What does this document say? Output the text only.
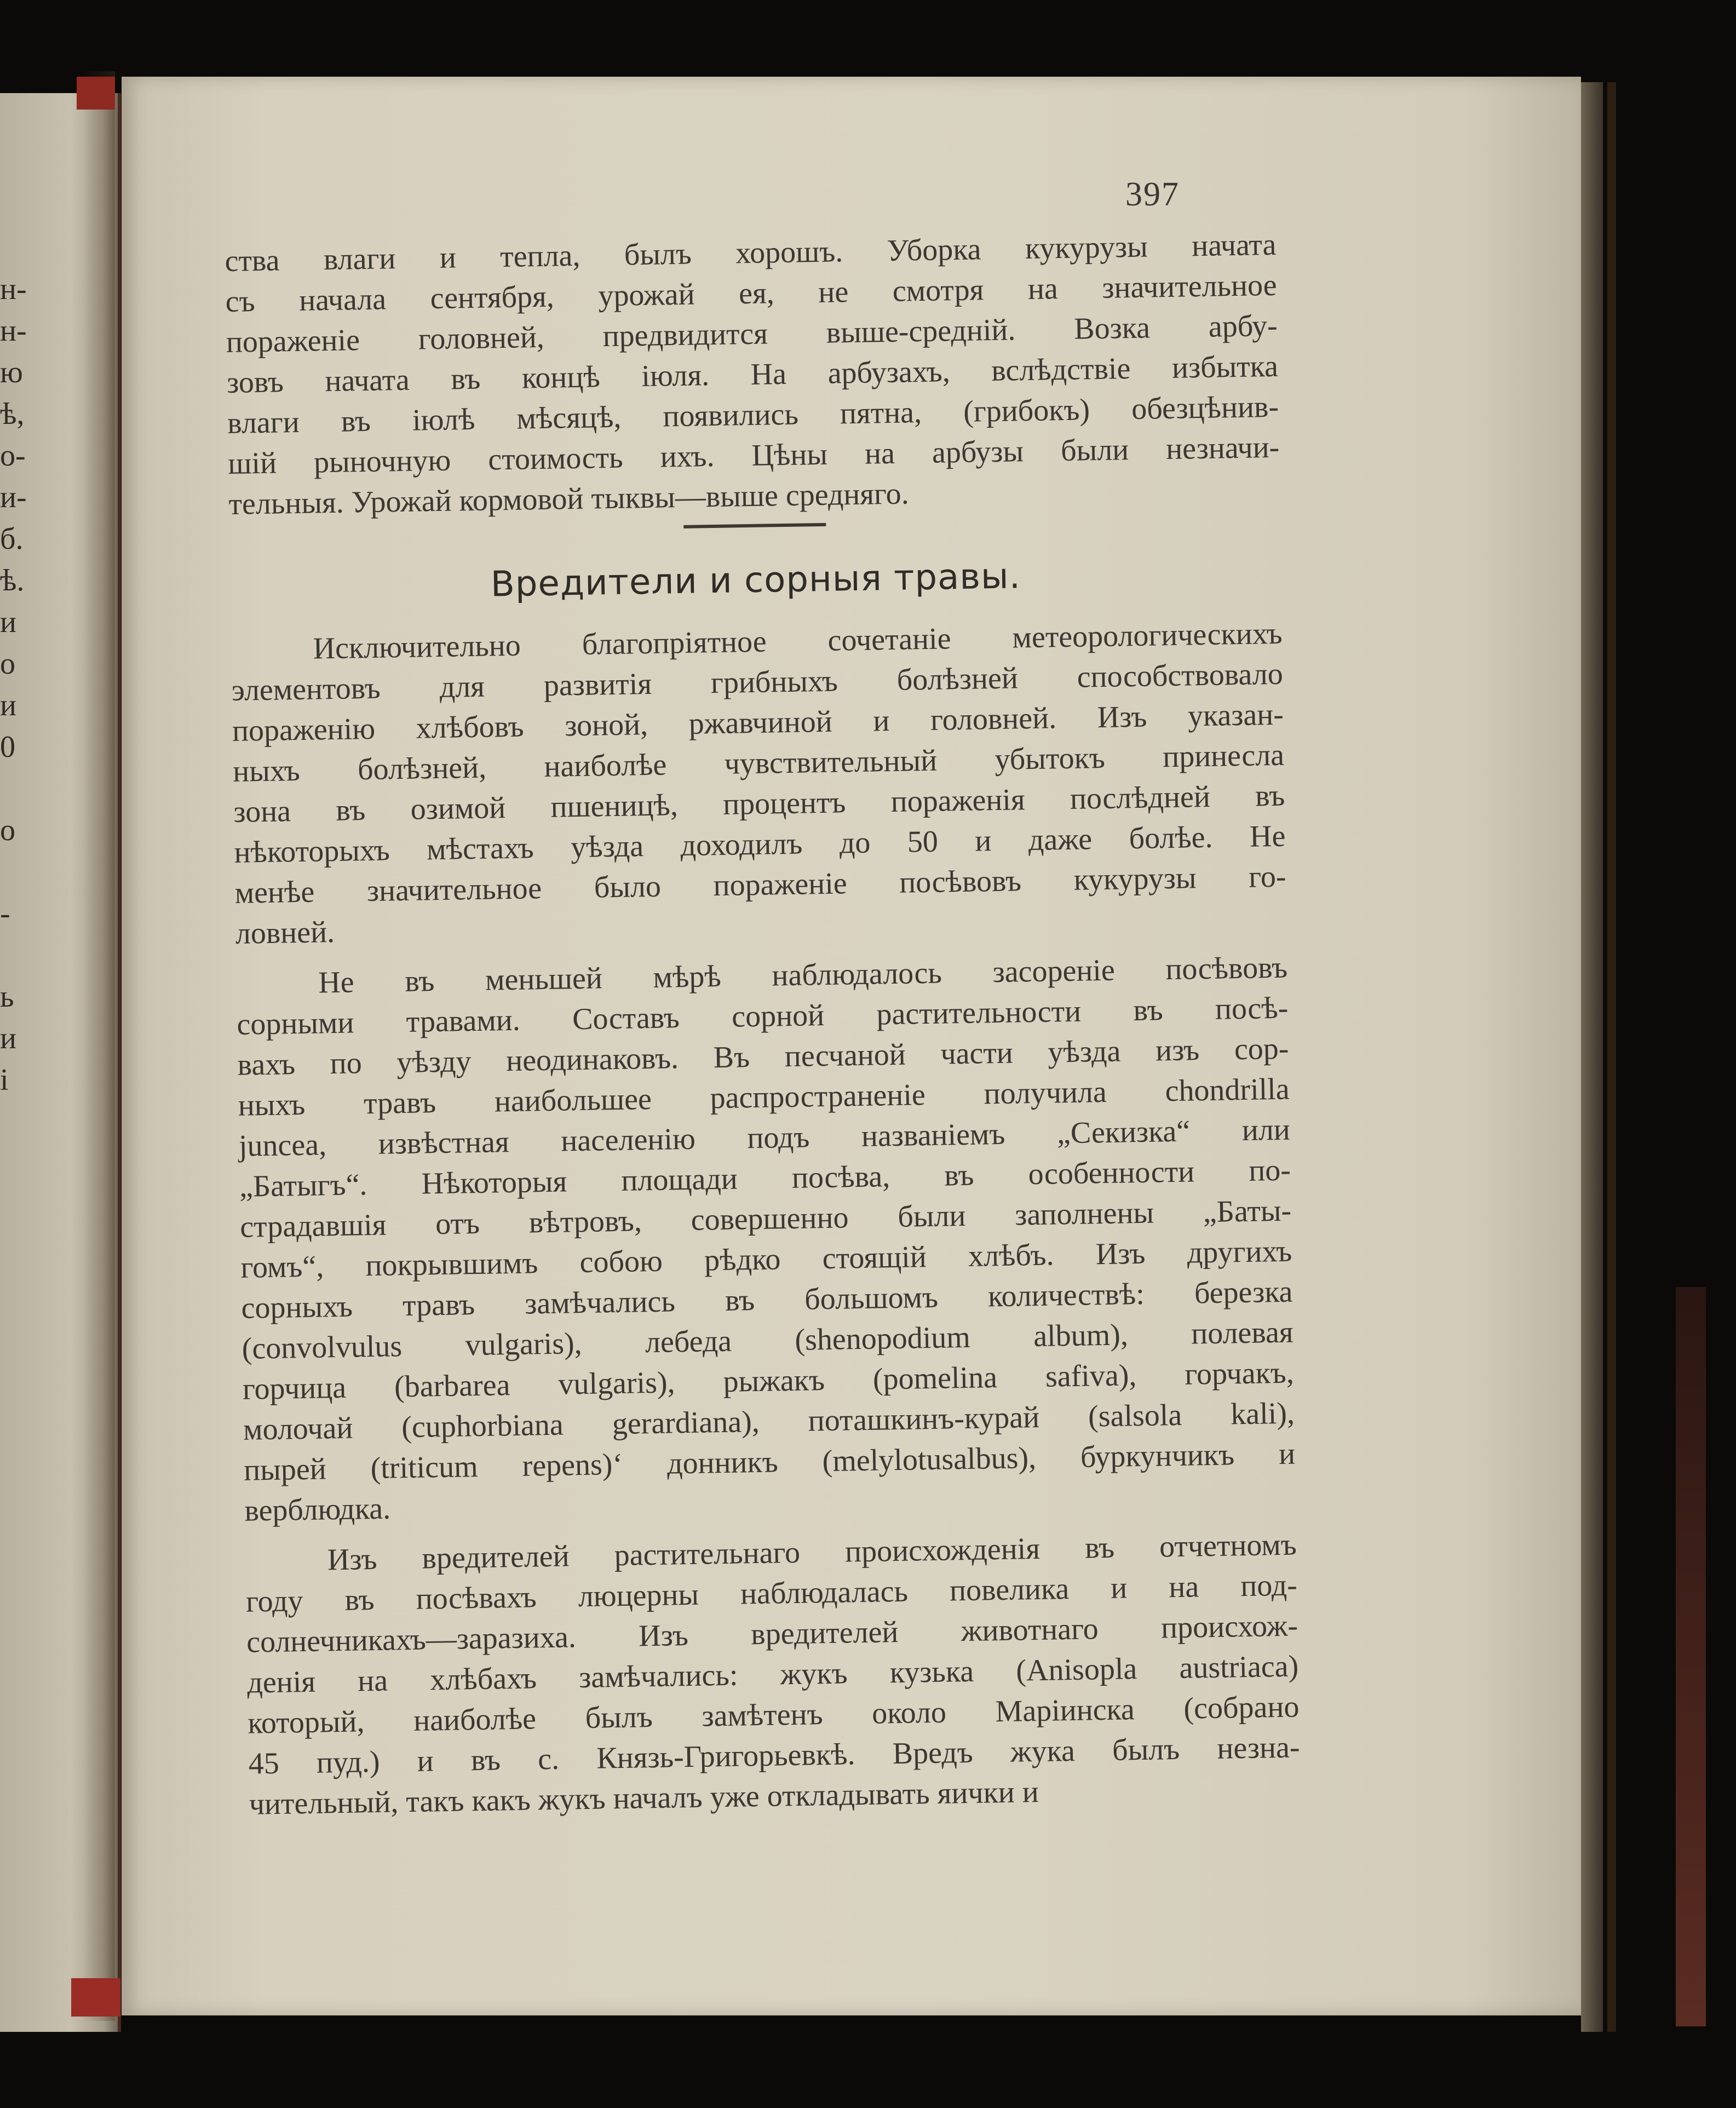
н-
н-
ю
ѣ,
о-
и-
б.
ѣ.
и
о
и
0
о
-
ь
и
і
397
ства влаги и тепла, былъ хорошъ. Уборка кукурузы начата
съ начала сентября, урожай ея, не смотря на значительное
пораженіе головней, предвидится выше-средній. Возка арбу-
зовъ начата въ концѣ іюля. На арбузахъ, вслѣдствіе избытка
влаги въ іюлѣ мѣсяцѣ, появились пятна, (грибокъ) обезцѣнив-
шій рыночную стоимость ихъ. Цѣны на арбузы были незначи-
тельныя. Урожай кормовой тыквы—выше средняго.
Вредители и сорныя травы.
Исключительно благопріятное сочетаніе метеорологическихъ
элементовъ для развитія грибныхъ болѣзней способствовало
пораженію хлѣбовъ зоной, ржавчиной и головней. Изъ указан-
ныхъ болѣзней, наиболѣе чувствительный убытокъ принесла
зона въ озимой пшеницѣ, процентъ пораженія послѣдней въ
нѣкоторыхъ мѣстахъ уѣзда доходилъ до 50 и даже болѣе. Не
менѣе значительное было пораженіе посѣвовъ кукурузы го-
ловней.
Не въ меньшей мѣрѣ наблюдалось засореніе посѣвовъ
сорными травами. Составъ сорной растительности въ посѣ-
вахъ по уѣзду неодинаковъ. Въ песчаной части уѣзда изъ сор-
ныхъ травъ наибольшее распространеніе получила chondrilla
juncea, извѣстная населенію подъ названіемъ „Секизка“ или
„Батыгъ“. Нѣкоторыя площади посѣва, въ особенности по-
страдавшія отъ вѣтровъ, совершенно были заполнены „Баты-
гомъ“, покрывшимъ собою рѣдко стоящій хлѣбъ. Изъ другихъ
сорныхъ травъ замѣчались въ большомъ количествѣ: березка
(convolvulus vulgaris), лебеда (shenopodium album), полевая
горчица (barbarea vulgaris), рыжакъ (pomelina safiva), горчакъ,
молочай (cuphorbiana gerardiana), поташкинъ-курай (salsola kali),
пырей (triticum repens)‘ донникъ (melylotusalbus), буркунчикъ и
верблюдка.
Изъ вредителей растительнаго происхожденія въ отчетномъ
году въ посѣвахъ люцерны наблюдалась повелика и на под-
солнечникахъ—заразиха. Изъ вредителей животнаго происхож-
денія на хлѣбахъ замѣчались: жукъ кузька (Anisopla austriaca)
который, наиболѣе былъ замѣтенъ около Маріинска (собрано
45 пуд.) и въ с. Князь-Григорьевкѣ. Вредъ жука былъ незна-
чительный, такъ какъ жукъ началъ уже откладывать яички и
